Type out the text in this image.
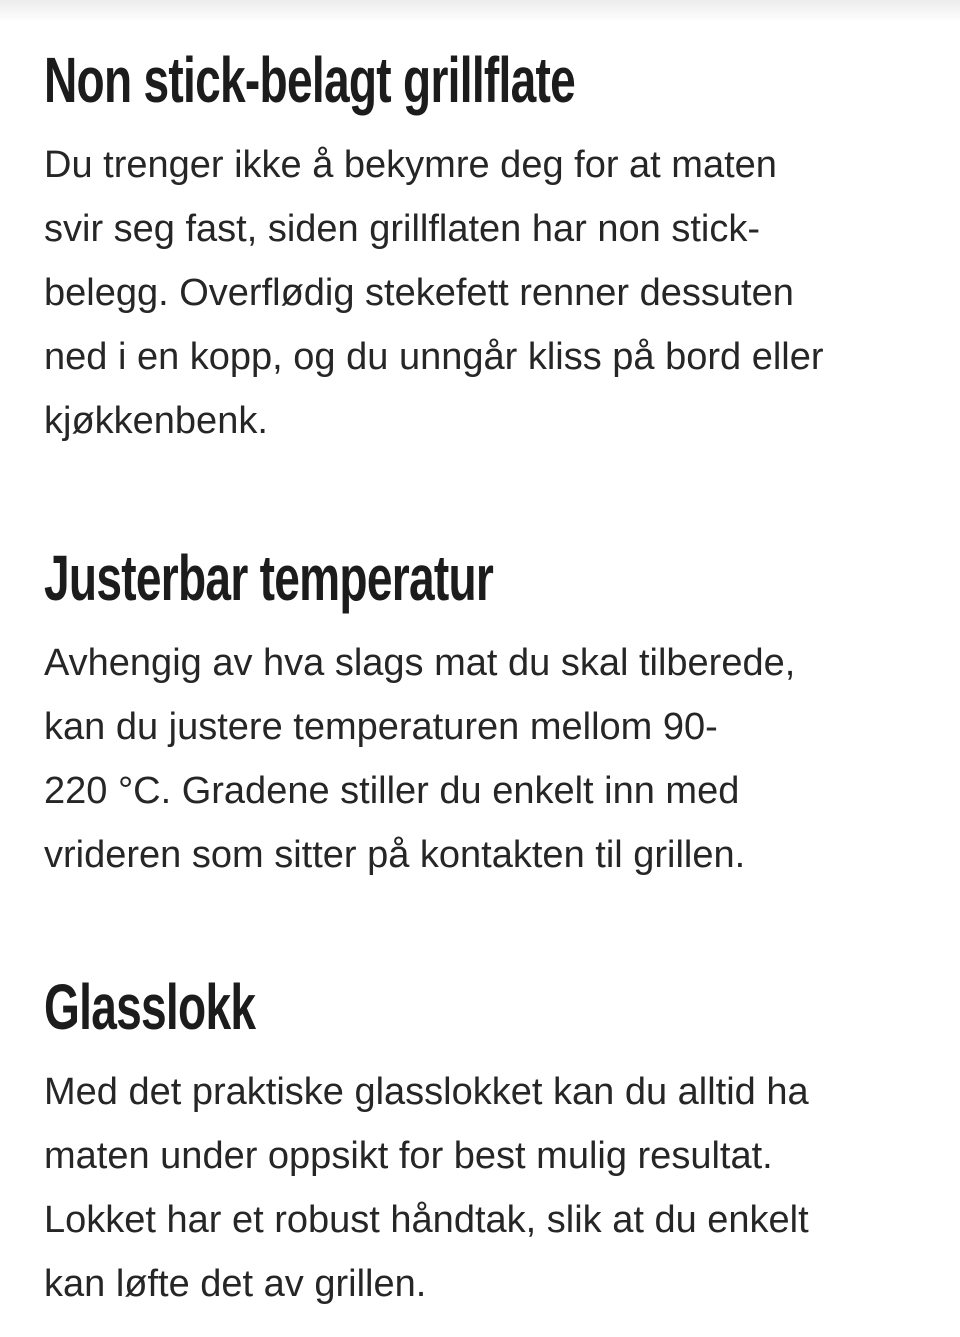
Non stick-belagt grillflate

Du trenger ikke å bekymre deg for at maten
svir seg fast, siden grillflaten har non stick-
belegg. Overflødig stekefett renner dessuten
ned i en kopp, og du unngår kliss på bord eller
kjøkkenbenk.

Justerbar temperatur

Avhengig av hva slags mat du skal tilberede,
kan du justere temperaturen mellom 90-
220 °C. Gradene stiller du enkelt inn med
vrideren som sitter på kontakten til grillen.

Glasslokk

Med det praktiske glasslokket kan du alltid ha
maten under oppsikt for best mulig resultat.
Lokket har et robust håndtak, slik at du enkelt
kan løfte det av grillen.
